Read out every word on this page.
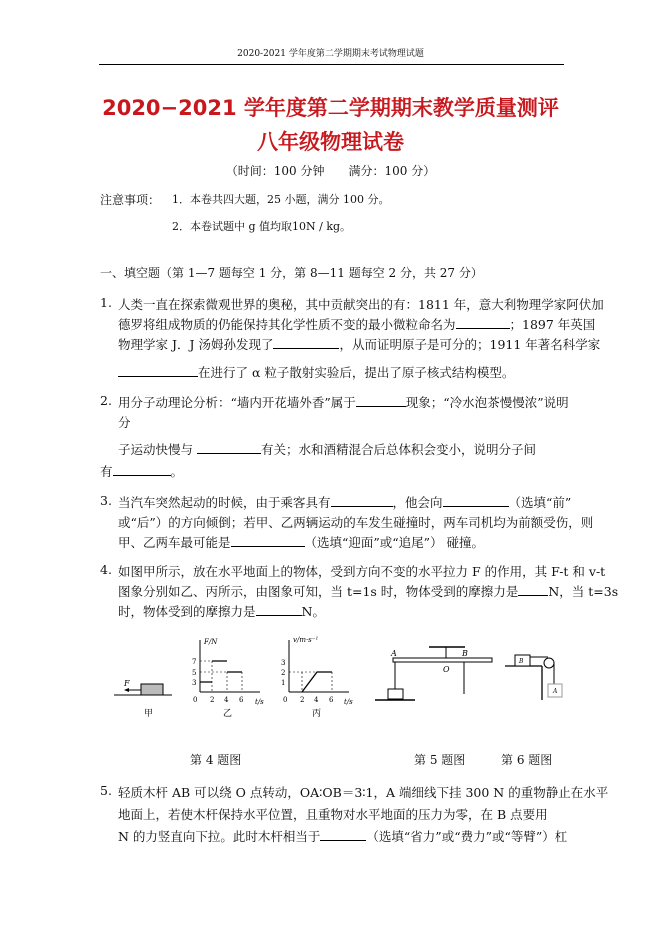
2020-2021 学年度第二学期期末考试物理试题
2020−2021 学年度第二学期期末教学质量测评
八年级物理试卷
（时间：100 分钟　　满分：100 分）
注意事项： 1．本卷共四大题，25 小题，满分 100 分。
2．本卷试题中 g 值均取10N / kg。
一、填空题（第 1—7 题每空 1 分，第 8—11 题每空 2 分，共 27 分）
1. 人类一直在探索微观世界的奥秘，其中贡献突出的有：1811 年，意大利物理学家阿伏加
德罗将组成物质的仍能保持其化学性质不变的最小微粒命名为	；1897 年英国
物理学家 J．J 汤姆孙发现了	，从而证明原子是可分的；1911 年著名科学家
在进行了 α 粒子散射实验后，提出了原子核式结构模型。
2. 用分子动理论分析：“墙内开花墙外香”属于	现象；“冷水泡茶慢慢浓”说明
分
子运动快慢与	有关；水和酒精混合后总体积会变小，说明分子间
有	。
A	B
O
3. 当汽车突然起动的时候，由于乘客具有	，他会向	（选填“前”
或“后”）的方向倾倒；若甲、乙两辆运动的车发生碰撞时，两车司机均为前额受伤，则
甲、乙两车最可能是	（选填“迎面”或“追尾”） 碰撞。
4. 如图甲所示，放在水平地面上的物体，受到方向不变的水平拉力 F 的作用，其 F-t 和 v-t
图象分别如乙、丙所示，由图象可知，当 t=1s 时，物体受到的摩擦力是 N，当 t=3s
时，物体受到的摩擦力是	N。
F
甲
F/N
t/s
3
5
7
0 2 4 6
乙
v/m·s⁻¹
t/s
3
2
1
0 2 4 6
丙
B
A
第 4 题图	第 5 题图	第 6 题图
5. 轻质木杆 AB 可以绕 O 点转动，OA∶OB＝3∶1，A 端细线下挂 300 N 的重物静止在水平
地面上，若使木杆保持水平位置，且重物对水平地面的压力为零，在 B 点要用
N 的力竖直向下拉。此时木杆相当于	（选填“省力”或“费力”或“等臂”）杠
